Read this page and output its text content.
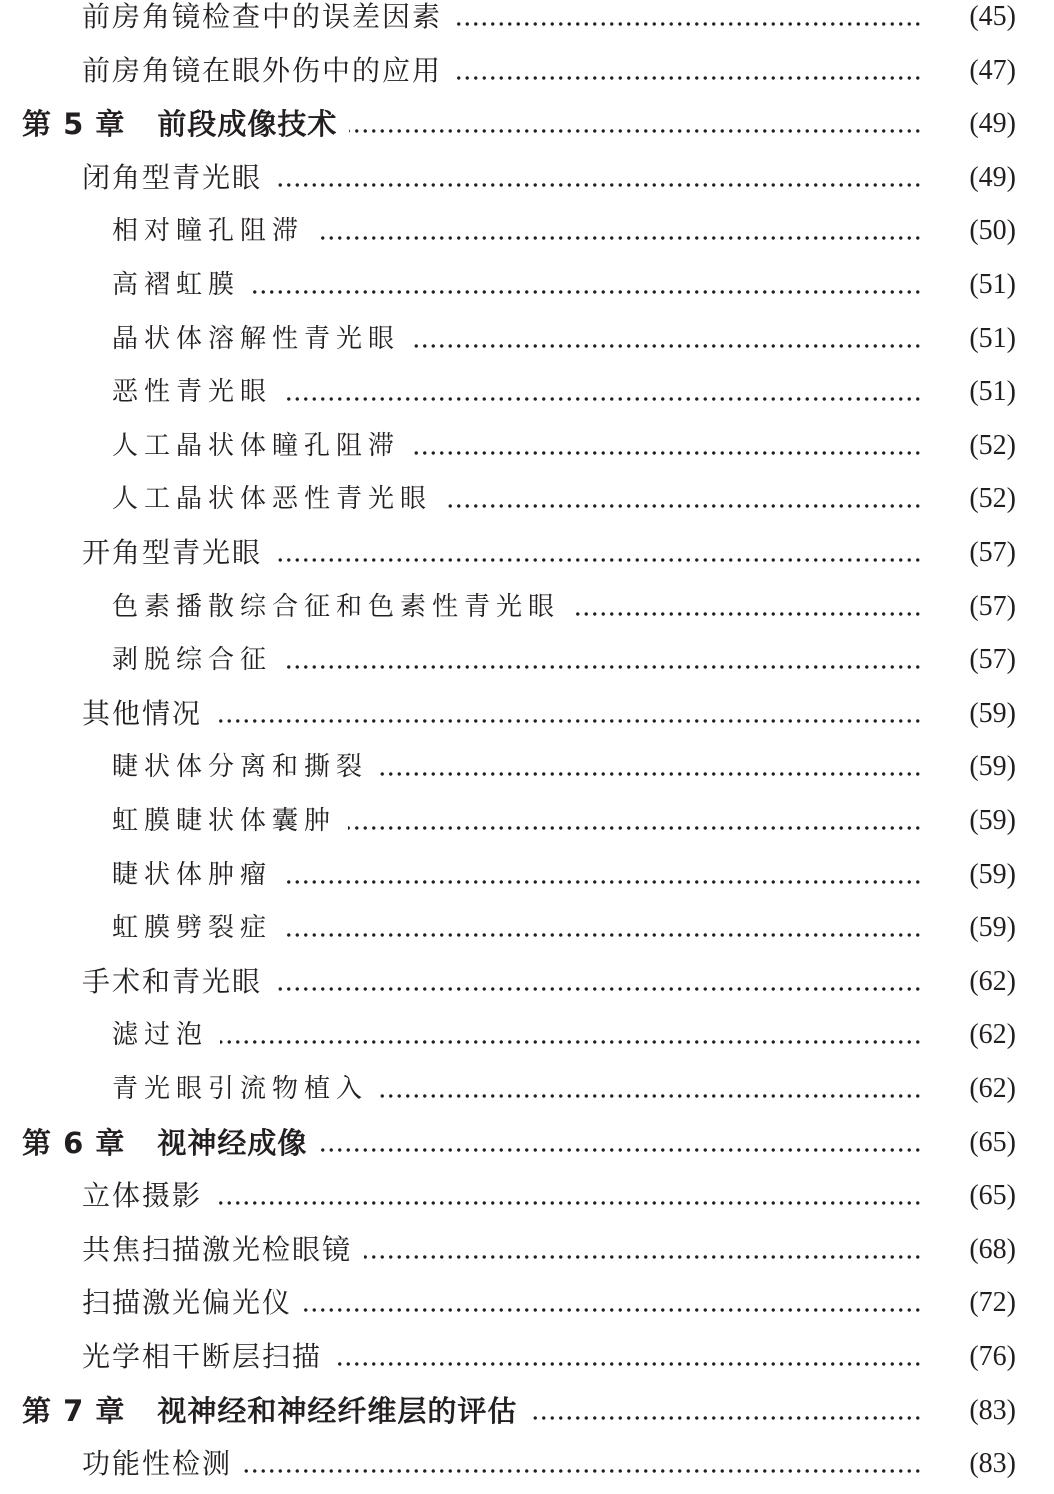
前房角镜检查中的误差因素	(45)
前房角镜在眼外伤中的应用	(47)
第 5 章 前段成像技术	(49)
闭角型青光眼	(49)
相对瞳孔阻滞	(50)
高褶虹膜	(51)
晶状体溶解性青光眼	(51)
恶性青光眼	(51)
人工晶状体瞳孔阻滞	(52)
人工晶状体恶性青光眼	(52)
开角型青光眼	(57)
色素播散综合征和色素性青光眼	(57)
剥脱综合征	(57)
其他情况	(59)
睫状体分离和撕裂	(59)
虹膜睫状体囊肿	(59)
睫状体肿瘤	(59)
虹膜劈裂症	(59)
手术和青光眼	(62)
滤过泡	(62)
青光眼引流物植入	(62)
第 6 章 视神经成像	(65)
立体摄影	(65)
共焦扫描激光检眼镜	(68)
扫描激光偏光仪	(72)
光学相干断层扫描	(76)
第 7 章 视神经和神经纤维层的评估	(83)
功能性检测	(83)
